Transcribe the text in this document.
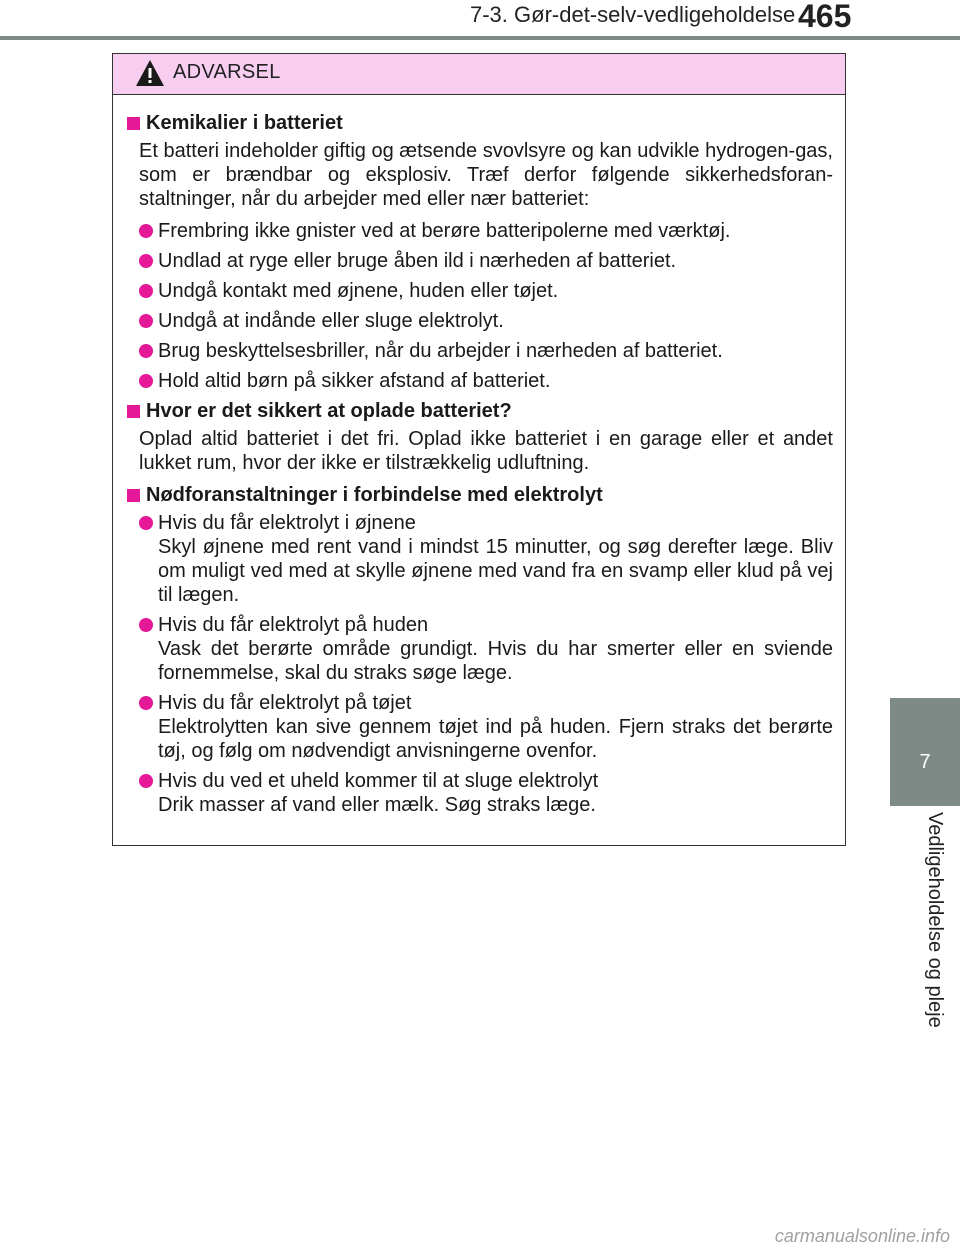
7-3. Gør-det-selv-vedligeholdelse 465
7
Vedligeholdelse og pleje
ADVARSEL
Kemikalier i batteriet
Et batteri indeholder giftig og ætsende svovlsyre og kan udvikle hydrogen-gas, som er brændbar og eksplosiv. Træf derfor følgende sikkerhedsforan-staltninger, når du arbejder med eller nær batteriet:
Frembring ikke gnister ved at berøre batteripolerne med værktøj.
Undlad at ryge eller bruge åben ild i nærheden af batteriet.
Undgå kontakt med øjnene, huden eller tøjet.
Undgå at indånde eller sluge elektrolyt.
Brug beskyttelsesbriller, når du arbejder i nærheden af batteriet.
Hold altid børn på sikker afstand af batteriet.
Hvor er det sikkert at oplade batteriet?
Oplad altid batteriet i det fri. Oplad ikke batteriet i en garage eller et andet lukket rum, hvor der ikke er tilstrækkelig udluftning.
Nødforanstaltninger i forbindelse med elektrolyt
Hvis du får elektrolyt i øjnene
Skyl øjnene med rent vand i mindst 15 minutter, og søg derefter læge. Bliv om muligt ved med at skylle øjnene med vand fra en svamp eller klud på vej til lægen.
Hvis du får elektrolyt på huden
Vask det berørte område grundigt. Hvis du har smerter eller en sviende fornemmelse, skal du straks søge læge.
Hvis du får elektrolyt på tøjet
Elektrolytten kan sive gennem tøjet ind på huden. Fjern straks det berørte tøj, og følg om nødvendigt anvisningerne ovenfor.
Hvis du ved et uheld kommer til at sluge elektrolyt
Drik masser af vand eller mælk. Søg straks læge.
carmanualsonline.info
